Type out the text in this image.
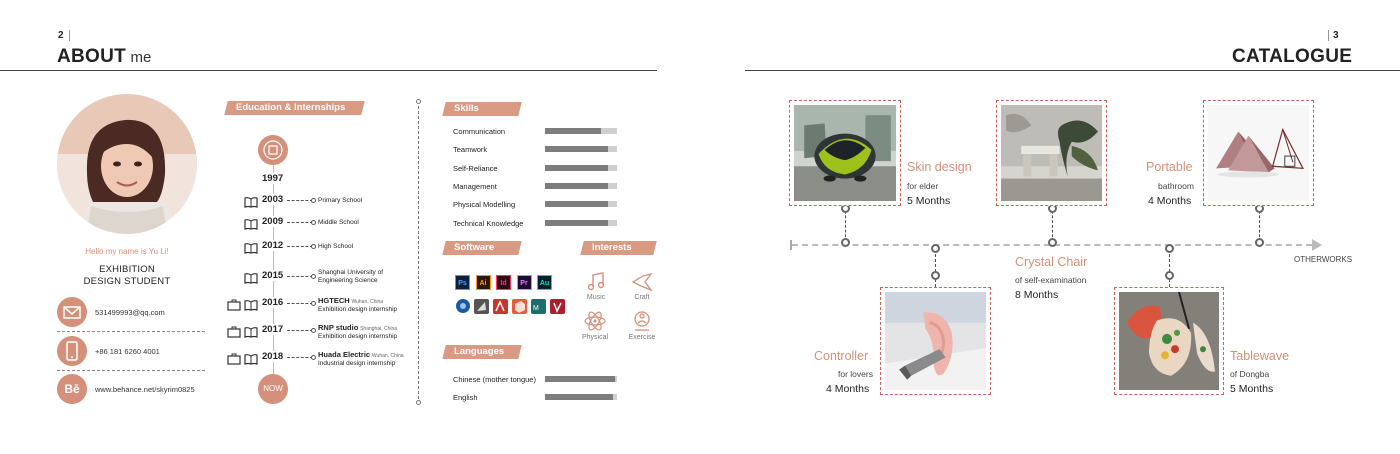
2
ABOUT me
Hello my name is Yu Li!
EXHIBITION
DESIGN STUDENT
531499993@qq.com
+86 181 6260 4001
Bē	www.behance.net/skyrim0825
Education & Internships
1997
2003	Primary School
2009	Middle School
2012	High School
2015	Shanghai University of
Engineering Science
2016	HGTECH Wuhan, China
Exhibition design internship
2017	RNP studio Shanghai, China
Exhibition design internship
2018	Huada Electric Wuhan, China
Industrial design internship
NOW
Skills
Communication
Teamwork
Self-Reliance
Management
Physical Modelling
Technical Knowledge
Software
Ps	Ai	Id	Pr	Au
M
Interests
Music	Craft
Physical	Exercise
Languages
Chinese (mother tongue)
English
3
CATALOGUE
OTHERWORKS
Skin design
for elder
5 Months
Controller
for lovers
4 Months
Crystal Chair
of self-examination
8 Months
Tablewave
of Dongba
5 Months
Portable
bathroom
4 Months
